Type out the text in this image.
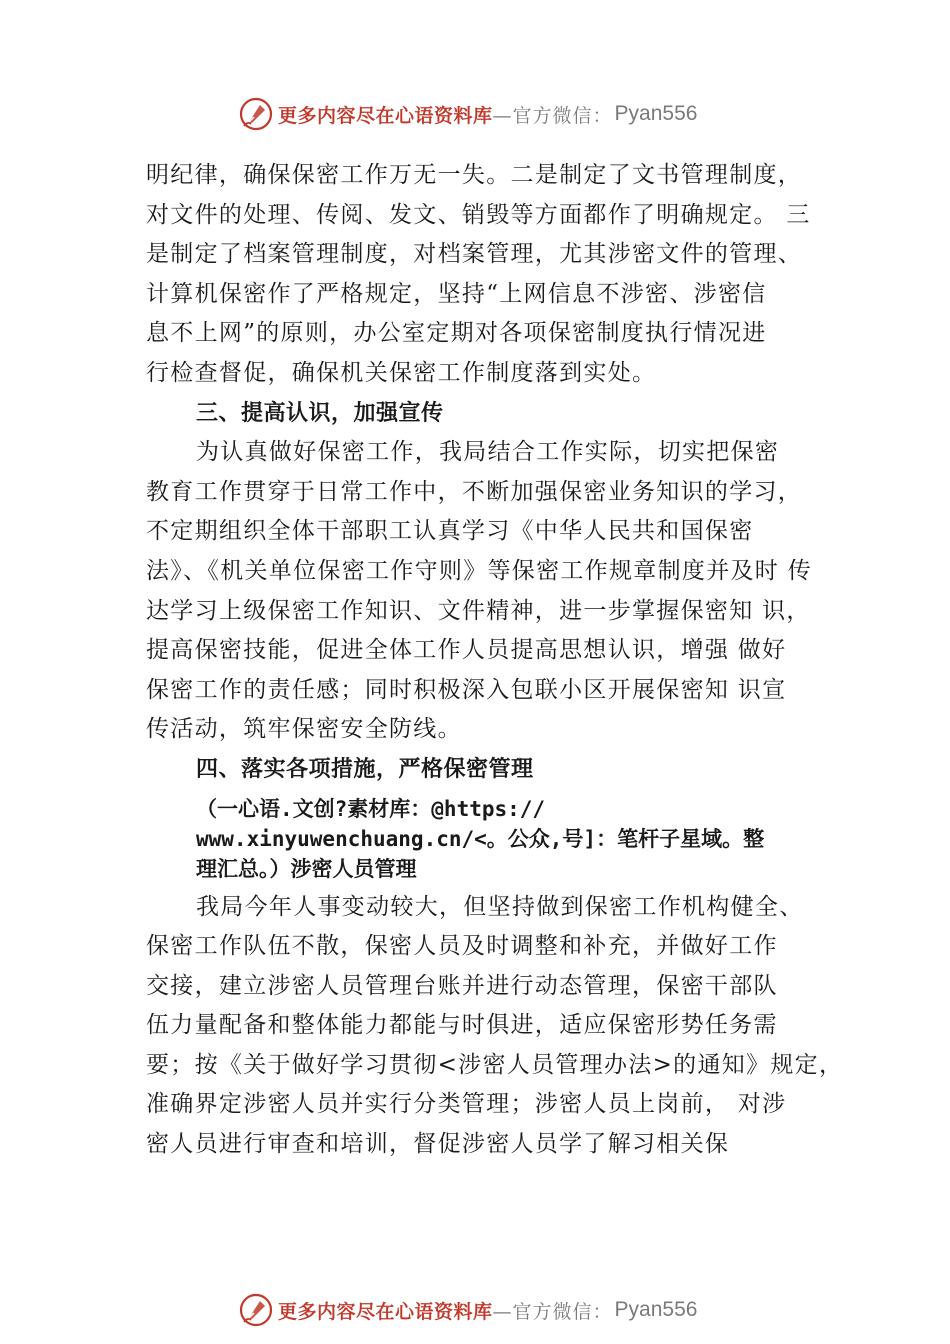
更多内容尽在心语资料库 —官方微信： Pyan556
明纪律，确保保密工作万无一失。二是制定了文书管理制度，
对文件的处理、传阅、发文、销毁等方面都作了明确规定。 三
是制定了档案管理制度，对档案管理，尤其涉密文件的管理、
计算机保密作了严格规定，坚持“上网信息不涉密、涉密信
息不上网”的原则，办公室定期对各项保密制度执行情况进
行检查督促，确保机关保密工作制度落到实处。
三、提高认识，加强宣传
为认真做好保密工作，我局结合工作实际，切实把保密
教育工作贯穿于日常工作中，不断加强保密业务知识的学习，
不定期组织全体干部职工认真学习《中华人民共和国保密
法》、《机关单位保密工作守则》等保密工作规章制度并及时 传
达学习上级保密工作知识、文件精神，进一步掌握保密知 识，
提高保密技能，促进全体工作人员提高思想认识，增强 做好
保密工作的责任感；同时积极深入包联小区开展保密知 识宣
传活动，筑牢保密安全防线。
四、落实各项措施，严格保密管理
（一心语.文创?素材库：@https://
www.xinyuwenchuang.cn/<。公众,号]：笔杆子星域。整
理汇总。）涉密人员管理
我局今年人事变动较大，但坚持做到保密工作机构健全、
保密工作队伍不散，保密人员及时调整和补充，并做好工作
交接，建立涉密人员管理台账并进行动态管理，保密干部队
伍力量配备和整体能力都能与时俱进，适应保密形势任务需
要；按《关于做好学习贯彻<涉密人员管理办法>的通知》规定，
准确界定涉密人员并实行分类管理；涉密人员上岗前， 对涉
密人员进行审查和培训，督促涉密人员学了解习相关保
更多内容尽在心语资料库 —官方微信： Pyan556
